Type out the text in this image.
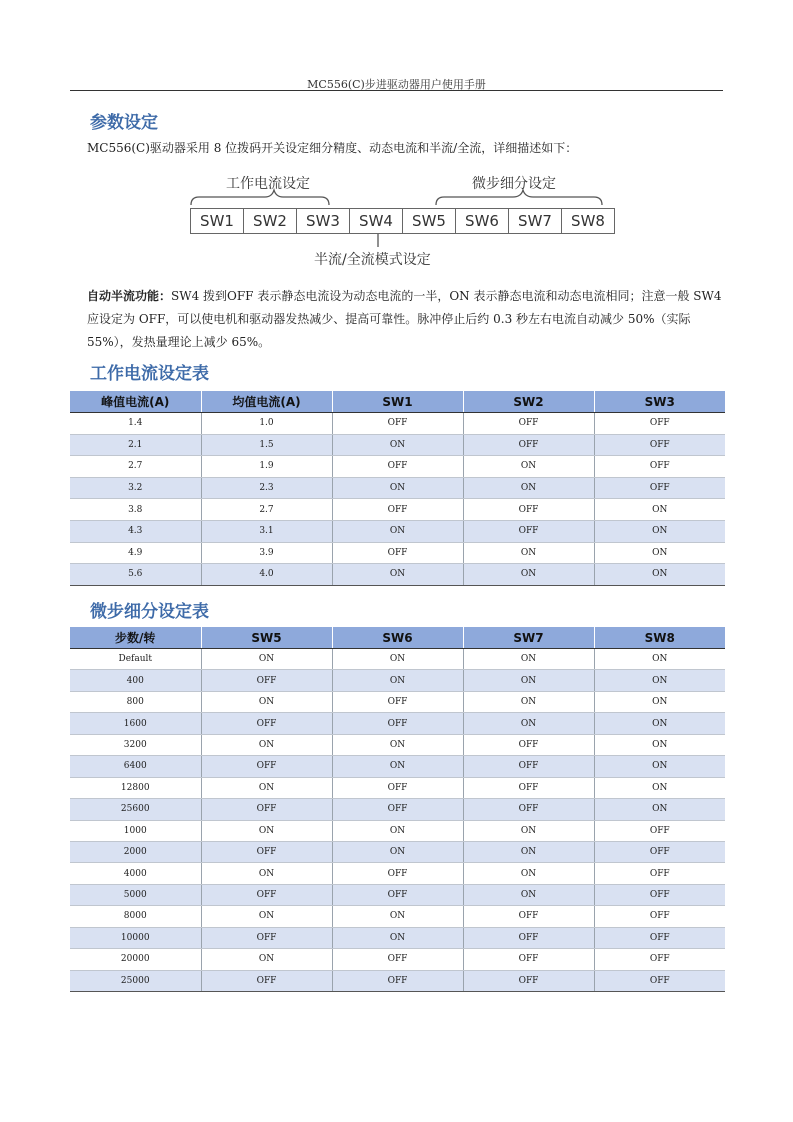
MC556(C)步进驱动器用户使用手册
参数设定
MC556(C)驱动器采用 8 位拨码开关设定细分精度、动态电流和半流/全流，详细描述如下：
工作电流设定	微步细分设定
SW1	SW2	SW3	SW4	SW5	SW6	SW7	SW8
半流/全流模式设定
自动半流功能：SW4 拨到OFF 表示静态电流设为动态电流的一半，ON 表示静态电流和动态电流相同；注意一般 SW4 应设定为 OFF，可以使电机和驱动器发热减少、提高可靠性。脉冲停止后约 0.3 秒左右电流自动减少 50%（实际 55%），发热量理论上减少 65%。
工作电流设定表
峰值电流(A)	均值电流(A)	SW1	SW2	SW3
1.4	1.0	OFF	OFF	OFF
2.1	1.5	ON	OFF	OFF
2.7	1.9	OFF	ON	OFF
3.2	2.3	ON	ON	OFF
3.8	2.7	OFF	OFF	ON
4.3	3.1	ON	OFF	ON
4.9	3.9	OFF	ON	ON
5.6	4.0	ON	ON	ON
微步细分设定表
步数/转	SW5	SW6	SW7	SW8
Default	ON	ON	ON	ON
400	OFF	ON	ON	ON
800	ON	OFF	ON	ON
1600	OFF	OFF	ON	ON
3200	ON	ON	OFF	ON
6400	OFF	ON	OFF	ON
12800	ON	OFF	OFF	ON
25600	OFF	OFF	OFF	ON
1000	ON	ON	ON	OFF
2000	OFF	ON	ON	OFF
4000	ON	OFF	ON	OFF
5000	OFF	OFF	ON	OFF
8000	ON	ON	OFF	OFF
10000	OFF	ON	OFF	OFF
20000	ON	OFF	OFF	OFF
25000	OFF	OFF	OFF	OFF
